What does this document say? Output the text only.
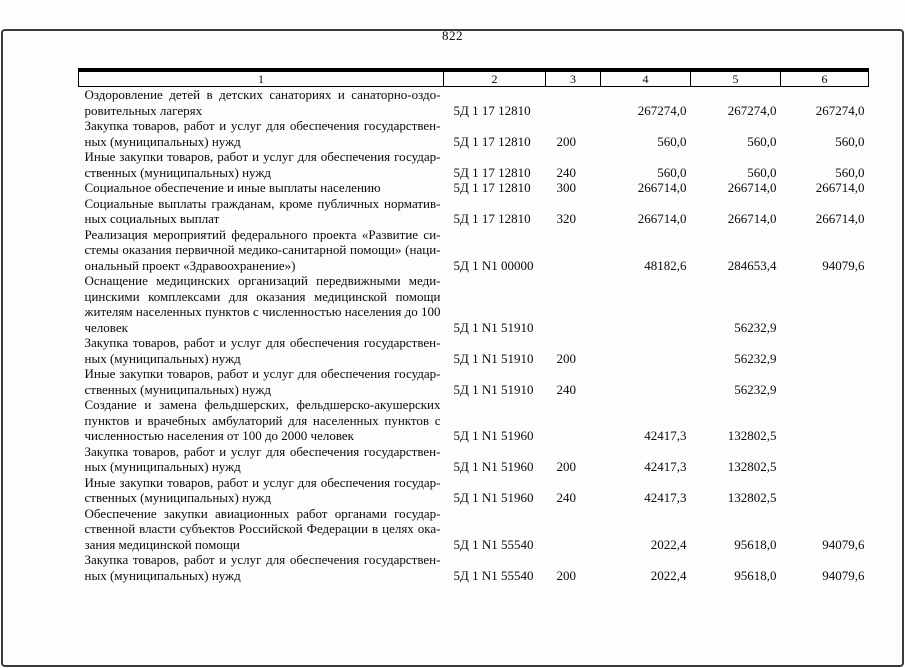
822
1	2	3	4	5	6
Оздоровление детей в детских санаториях и санаторно-оздоровительных лагерях	5Д 1 17 12810		267274,0	267274,0	267274,0
Закупка товаров, работ и услуг для обеспечения государственных (муниципальных) нужд	5Д 1 17 12810	200	560,0	560,0	560,0
Иные закупки товаров, работ и услуг для обеспечения государственных (муниципальных) нужд	5Д 1 17 12810	240	560,0	560,0	560,0
Социальное обеспечение и иные выплаты населению	5Д 1 17 12810	300	266714,0	266714,0	266714,0
Социальные выплаты гражданам, кроме публичных нормативных социальных выплат	5Д 1 17 12810	320	266714,0	266714,0	266714,0
Реализация мероприятий федерального проекта «Развитие системы оказания первичной медико-санитарной помощи» (национальный проект «Здравоохранение»)	5Д 1 N1 00000		48182,6	284653,4	94079,6
Оснащение медицинских организаций передвижными медицинскими комплексами для оказания медицинской помощи жителям населенных пунктов с численностью населения до 100 человек	5Д 1 N1 51910			56232,9	
Закупка товаров, работ и услуг для обеспечения государственных (муниципальных) нужд	5Д 1 N1 51910	200		56232,9	
Иные закупки товаров, работ и услуг для обеспечения государственных (муниципальных) нужд	5Д 1 N1 51910	240		56232,9	
Создание и замена фельдшерских, фельдшерско-акушерских пунктов и врачебных амбулаторий для населенных пунктов с численностью населения от 100 до 2000 человек	5Д 1 N1 51960		42417,3	132802,5	
Закупка товаров, работ и услуг для обеспечения государственных (муниципальных) нужд	5Д 1 N1 51960	200	42417,3	132802,5	
Иные закупки товаров, работ и услуг для обеспечения государственных (муниципальных) нужд	5Д 1 N1 51960	240	42417,3	132802,5	
Обеспечение закупки авиационных работ органами государственной власти субъектов Российской Федерации в целях оказания медицинской помощи	5Д 1 N1 55540		2022,4	95618,0	94079,6
Закупка товаров, работ и услуг для обеспечения государственных (муниципальных) нужд	5Д 1 N1 55540	200	2022,4	95618,0	94079,6
